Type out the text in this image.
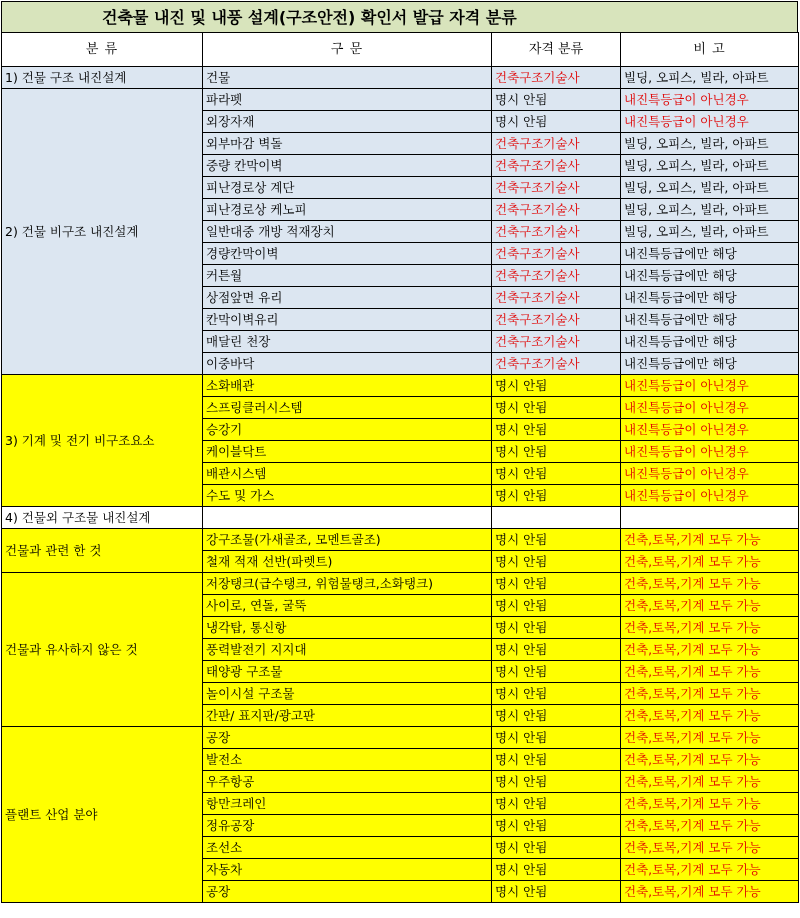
건축물 내진 및 내풍 설계(구조안전) 확인서 발급 자격 분류
분 류	구 문	자격 분류	비 고
1) 건물 구조 내진설계	건물	건축구조기술사	빌딩, 오피스, 빌라, 아파트
2) 건물 비구조 내진설계	파라펫	명시 안됨	내진특등급이 아닌경우
	외장자재	명시 안됨	내진특등급이 아닌경우
	외부마감 벽돌	건축구조기술사	빌딩, 오피스, 빌라, 아파트
	중량 칸막이벽	건축구조기술사	빌딩, 오피스, 빌라, 아파트
	피난경로상 계단	건축구조기술사	빌딩, 오피스, 빌라, 아파트
	피난경로상 케노피	건축구조기술사	빌딩, 오피스, 빌라, 아파트
	일반대중 개방 적재장치	건축구조기술사	빌딩, 오피스, 빌라, 아파트
	경량칸막이벽	건축구조기술사	내진특등급에만 해당
	커튼월	건축구조기술사	내진특등급에만 해당
	상점앞면 유리	건축구조기술사	내진특등급에만 해당
	칸막이벽유리	건축구조기술사	내진특등급에만 해당
	매달린 천장	건축구조기술사	내진특등급에만 해당
	이중바닥	건축구조기술사	내진특등급에만 해당
3) 기계 및 전기 비구조요소	소화배관	명시 안됨	내진특등급이 아닌경우
	스프링클러시스템	명시 안됨	내진특등급이 아닌경우
	승강기	명시 안됨	내진특등급이 아닌경우
	케이블닥트	명시 안됨	내진특등급이 아닌경우
	배관시스템	명시 안됨	내진특등급이 아닌경우
	수도 및 가스	명시 안됨	내진특등급이 아닌경우
4) 건물외 구조물 내진설계			
건물과 관련 한 것	강구조물(가새골조, 모멘트골조)	명시 안됨	건축,토목,기계 모두 가능
	철재 적재 선반(파렛트)	명시 안됨	건축,토목,기계 모두 가능
건물과 유사하지 않은 것	저장탱크(급수탱크, 위험물탱크,소화탱크)	명시 안됨	건축,토목,기계 모두 가능
	사이로, 연돌, 굴뚝	명시 안됨	건축,토목,기계 모두 가능
	냉각탑, 통신항	명시 안됨	건축,토목,기계 모두 가능
	풍력발전기 지지대	명시 안됨	건축,토목,기계 모두 가능
	태양광 구조물	명시 안됨	건축,토목,기계 모두 가능
	놀이시설 구조물	명시 안됨	건축,토목,기계 모두 가능
	간판/ 표지판/광고판	명시 안됨	건축,토목,기계 모두 가능
플랜트 산업 분야	공장	명시 안됨	건축,토목,기계 모두 가능
	발전소	명시 안됨	건축,토목,기계 모두 가능
	우주항공	명시 안됨	건축,토목,기계 모두 가능
	항만크레인	명시 안됨	건축,토목,기계 모두 가능
	정유공장	명시 안됨	건축,토목,기계 모두 가능
	조선소	명시 안됨	건축,토목,기계 모두 가능
	자동차	명시 안됨	건축,토목,기계 모두 가능
	공장	명시 안됨	건축,토목,기계 모두 가능
